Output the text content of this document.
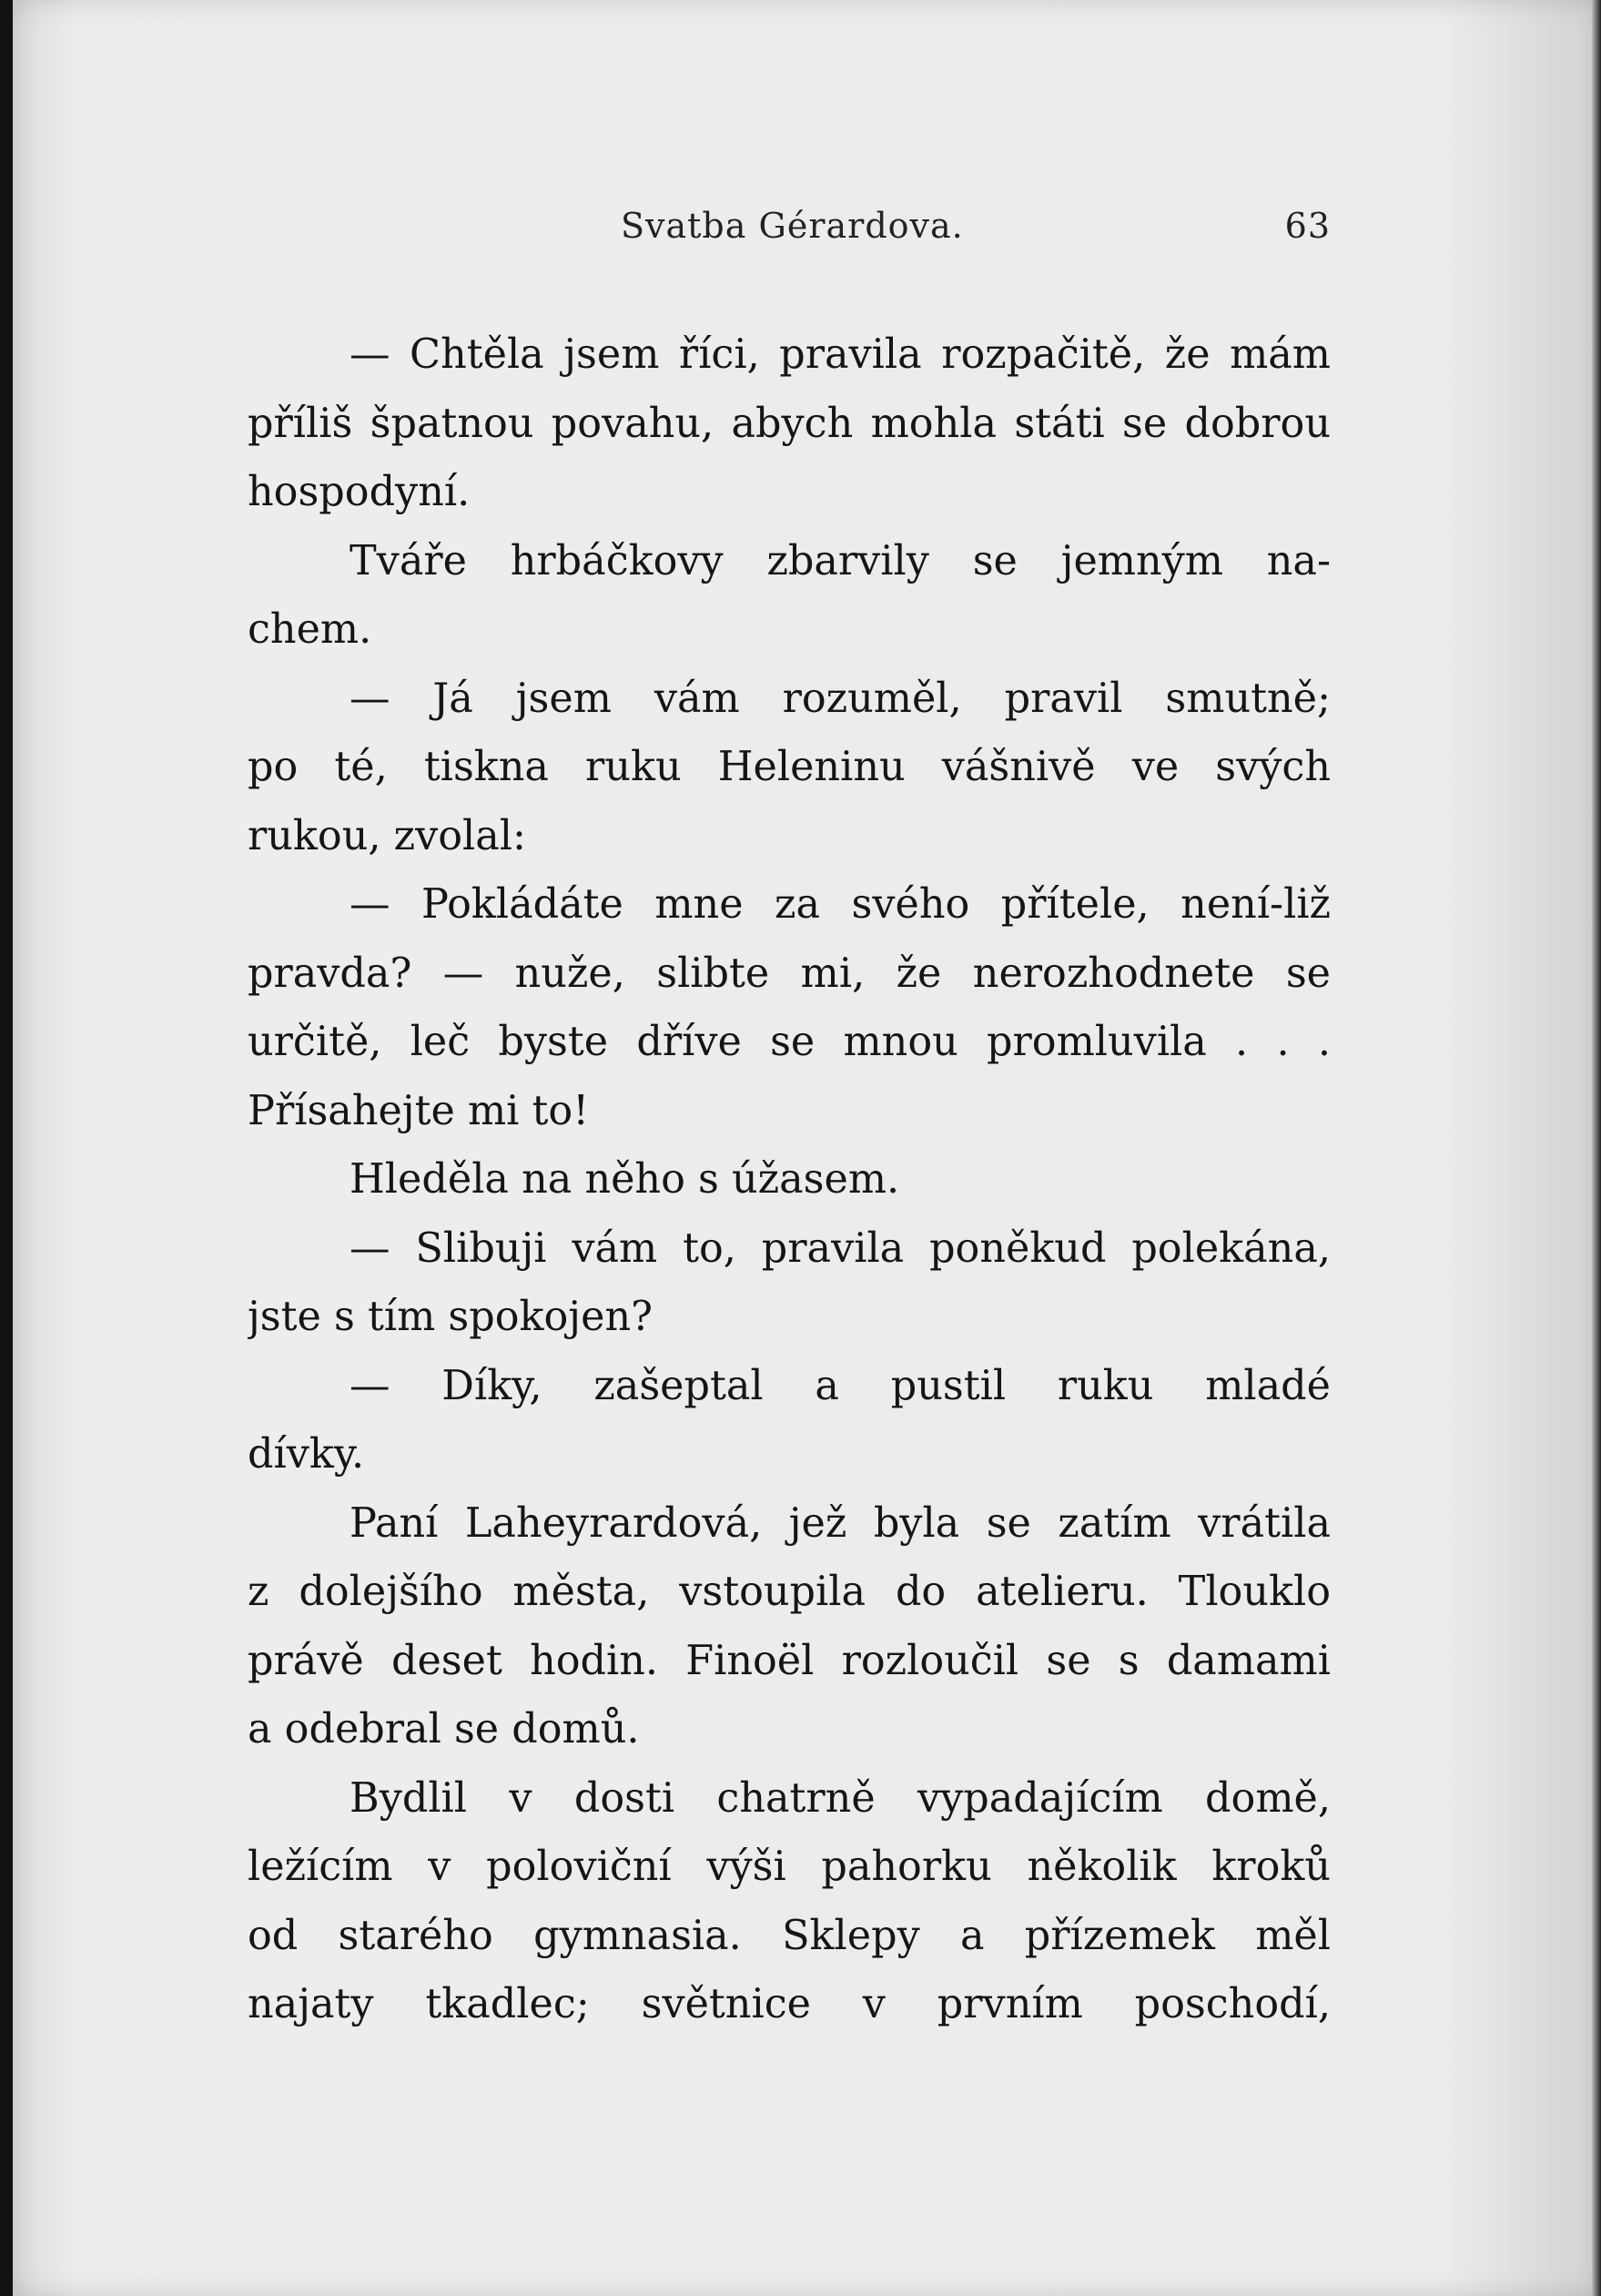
Svatba Gérardova.	63
— Chtěla jsem říci, pravila rozpačitě, že mám
příliš špatnou povahu, abych mohla státi se dobrou
hospodyní.
Tváře hrbáčkovy zbarvily se jemným na-
chem.
— Já jsem vám rozuměl, pravil smutně;
po té, tiskna ruku Heleninu vášnivě ve svých
rukou, zvolal:
— Pokládáte mne za svého přítele, není-liž
pravda? — nuže, slibte mi, že nerozhodnete se
určitě, leč byste dříve se mnou promluvila . . .
Přísahejte mi to!
Hleděla na něho s úžasem.
— Slibuji vám to, pravila poněkud polekána,
jste s tím spokojen?
— Díky, zašeptal a pustil ruku mladé
dívky.
Paní Laheyrardová, jež byla se zatím vrátila
z dolejšího města, vstoupila do atelieru. Tlouklo
právě deset hodin. Finoël rozloučil se s damami
a odebral se domů.
Bydlil v dosti chatrně vypadajícím domě,
ležícím v poloviční výši pahorku několik kroků
od starého gymnasia. Sklepy a přízemek měl
najaty tkadlec; světnice v prvním poschodí,
